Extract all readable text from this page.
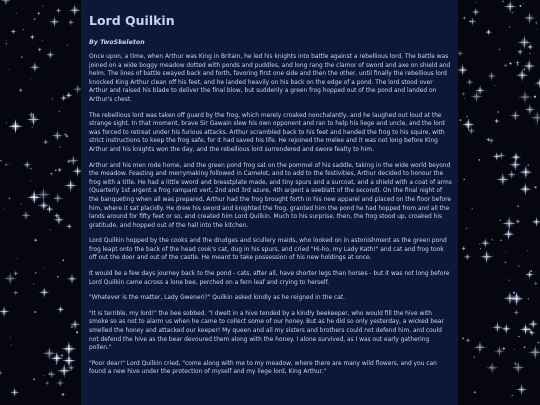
Lord Quilkin
By TwoSkeleton

Once upon, a time, when Arthur was King in Britain, he led his knights into battle against a rebellious lord. The battle was joined on a wide boggy meadow dotted with ponds and puddles, and long rang the clamor of sword and axe on shield and helm. The lines of battle swayed back and forth, favoring first one side and then the other, until finally the rebellious lord knocked King Arthur clean off his feet, and he landed heavily on his back on the edge of a pond. The lord stood over Arthur and raised his blade to deliver the final blow, but suddenly a green frog hopped out of the pond and landed on Arthur's chest.

The rebellious lord was taken off guard by the frog, which merely croaked nonchalantly, and he laughed out loud at the strange sight. In that moment, brave Sir Gawain slew his own opponent and ran to help his liege and uncle, and the lord was forced to retreat under his furious attacks. Arthur scrambled back to his feet and handed the frog to his squire, with strict instructions to keep the frog safe, for it had saved his life. He rejoined the melee and it was not long before King Arthur and his knights won the day, and the rebellious lord surrendered and swore fealty to him.

Arthur and his men rode home, and the green pond frog sat on the pommel of his saddle, taking in the wide world beyond the meadow. Feasting and merrymaking followed in Camelot, and to add to the festivities, Arthur decided to honour the frog with a title. He had a little sword and breastplate made, and tiny spurs and a surcoat, and a shield with a coat of arms (Quarterly 1st argent a frog rampant vert, 2nd and 3rd azure, 4th argent a seeblatt of the second). On the final night of the banqueting when all was prepared, Arthur had the frog brought forth in his new apparel and placed on the floor before him, where it sat placidly. He drew his sword and knighted the frog, granted him the pond he had hopped from and all the lands around for fifty feet or so, and created him Lord Quilkin. Much to his surprise, then, the frog stood up, croaked his gratitude, and hopped out of the hall into the kitchen.

Lord Quilkin hopped by the cooks and the drudges and scullery maids, who looked on in astonishment as the green pond frog leapt onto the back of the head cook's cat, dug in his spurs, and cried "Hi-ho, my Lady Kath!" and cat and frog took off out the door and out of the castle. He meant to take possession of his new holdings at once.

It would be a few days journey back to the pond - cats, after all, have shorter legs than horses - but it was not long before Lord Quilkin came across a lone bee, perched on a fern leaf and crying to herself.

"Whatever is the matter, Lady Gweneri?" Quilkin asked kindly as he reigned in the cat.

"It is terrible, my lord!" the bee sobbed. "I dwelt in a hive tended by a kindly beekeeper, who would fill the hive with smoke so as not to alarm us when he came to collect some of our honey. But as he did so only yesterday, a wicked bear smelled the honey and attacked our keeper! My queen and all my sisters and brothers could not defend him, and could not defend the hive as the bear devoured them along with the honey. I alone survived, as I was out early gathering pollen."

"Poor dear!" Lord Quilkin cried, "come along with me to my meadow, where there are many wild flowers, and you can found a new hive under the protection of myself and my liege lord, King Arthur."
